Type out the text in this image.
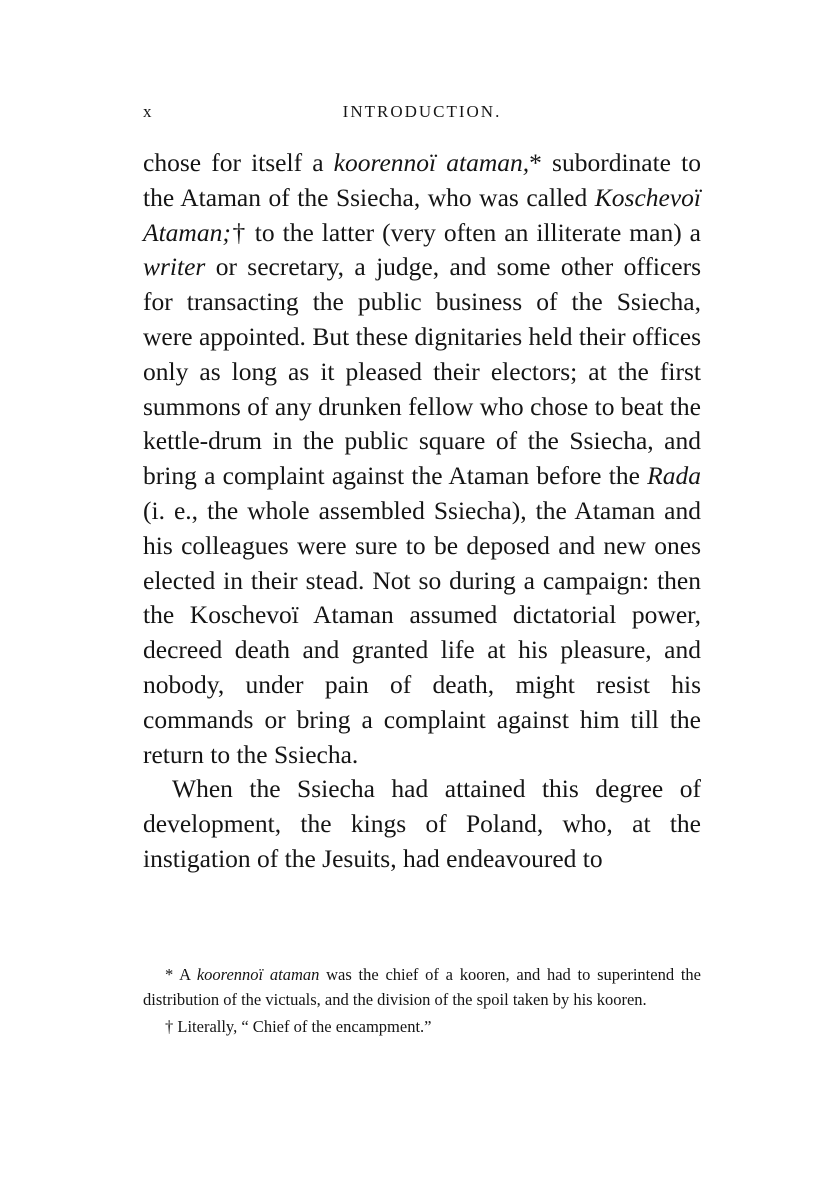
x	INTRODUCTION.

chose for itself a koorennoï ataman,* subordinate to the Ataman of the Ssiecha, who was called Koschevoï Ataman;† to the latter (very often an illiterate man) a writer or secretary, a judge, and some other officers for transacting the public business of the Ssiecha, were appointed. But these dignitaries held their offices only as long as it pleased their electors; at the first summons of any drunken fellow who chose to beat the kettle-drum in the public square of the Ssiecha, and bring a complaint against the Ataman before the Rada (i. e., the whole assembled Ssiecha), the Ataman and his colleagues were sure to be deposed and new ones elected in their stead. Not so during a campaign: then the Koschevoï Ataman assumed dictatorial power, decreed death and granted life at his pleasure, and nobody, under pain of death, might resist his commands or bring a complaint against him till the return to the Ssiecha.

When the Ssiecha had attained this degree of development, the kings of Poland, who, at the instigation of the Jesuits, had endeavoured to

* A koorennoï ataman was the chief of a kooren, and had to superintend the distribution of the victuals, and the division of the spoil taken by his kooren.

† Literally, “ Chief of the encampment.”
